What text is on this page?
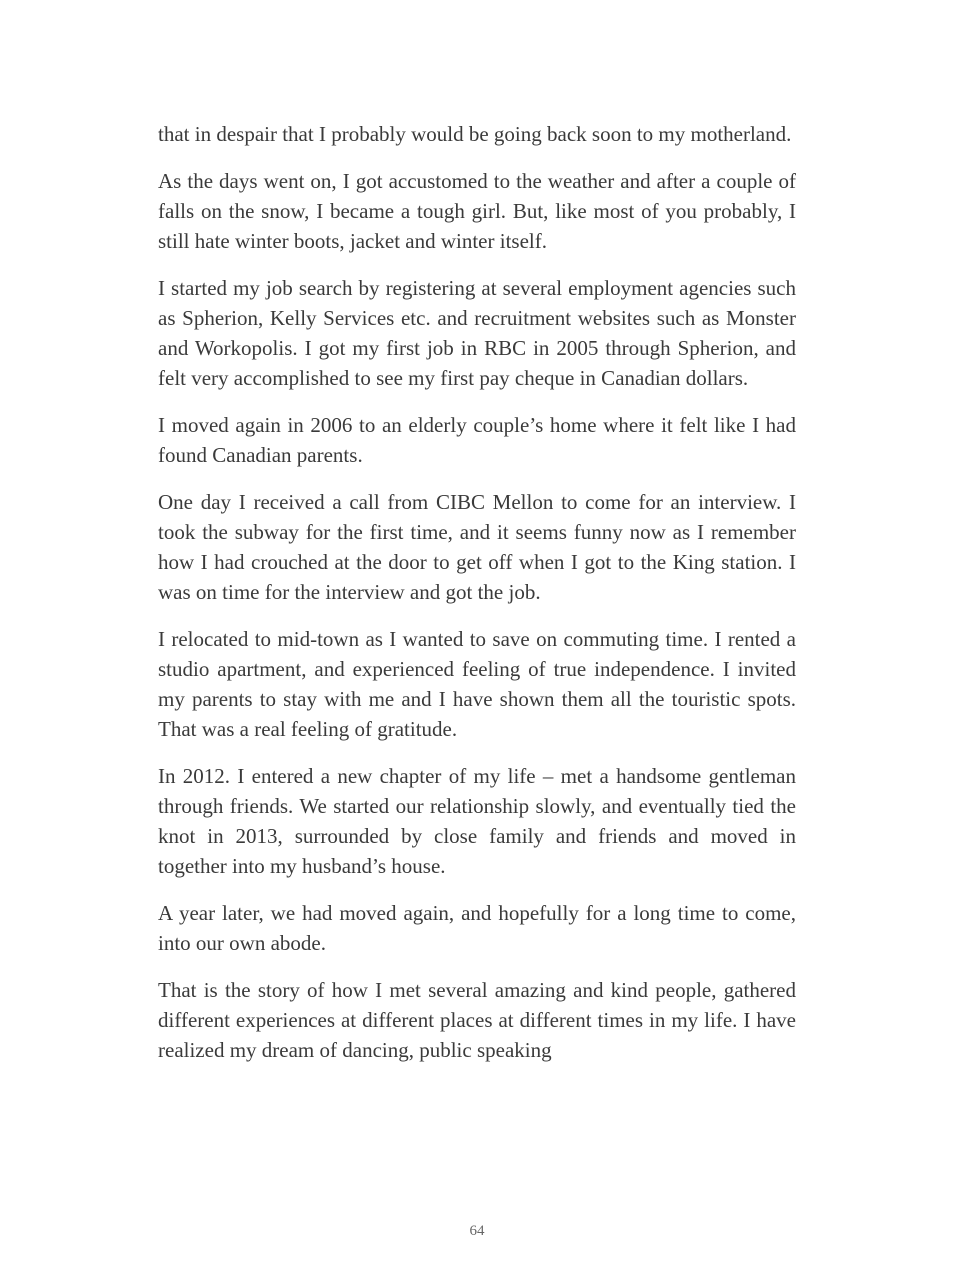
that in despair that I probably would be going back soon to my motherland.

As the days went on, I got accustomed to the weather and after a couple of falls on the snow, I became a tough girl. But, like most of you probably, I still hate winter boots, jacket and winter itself.

I started my job search by registering at several employment agencies such as Spherion, Kelly Services etc. and recruitment websites such as Monster and Workopolis. I got my first job in RBC in 2005 through Spherion, and felt very accomplished to see my first pay cheque in Canadian dollars.

I moved again in 2006 to an elderly couple’s home where it felt like I had found Canadian parents.

One day I received a call from CIBC Mellon to come for an interview. I took the subway for the first time, and it seems funny now as I remember how I had crouched at the door to get off when I got to the King station. I was on time for the interview and got the job.

I relocated to mid-town as I wanted to save on commuting time. I rented a studio apartment, and experienced feeling of true independence. I invited my parents to stay with me and I have shown them all the touristic spots. That was a real feeling of gratitude.

In 2012. I entered a new chapter of my life – met a handsome gentleman through friends. We started our relationship slowly, and eventually tied the knot in 2013, surrounded by close family and friends and moved in together into my husband’s house.

A year later, we had moved again, and hopefully for a long time to come, into our own abode.

That is the story of how I met several amazing and kind people, gathered different experiences at different places at different times in my life. I have realized my dream of dancing, public speaking

64
